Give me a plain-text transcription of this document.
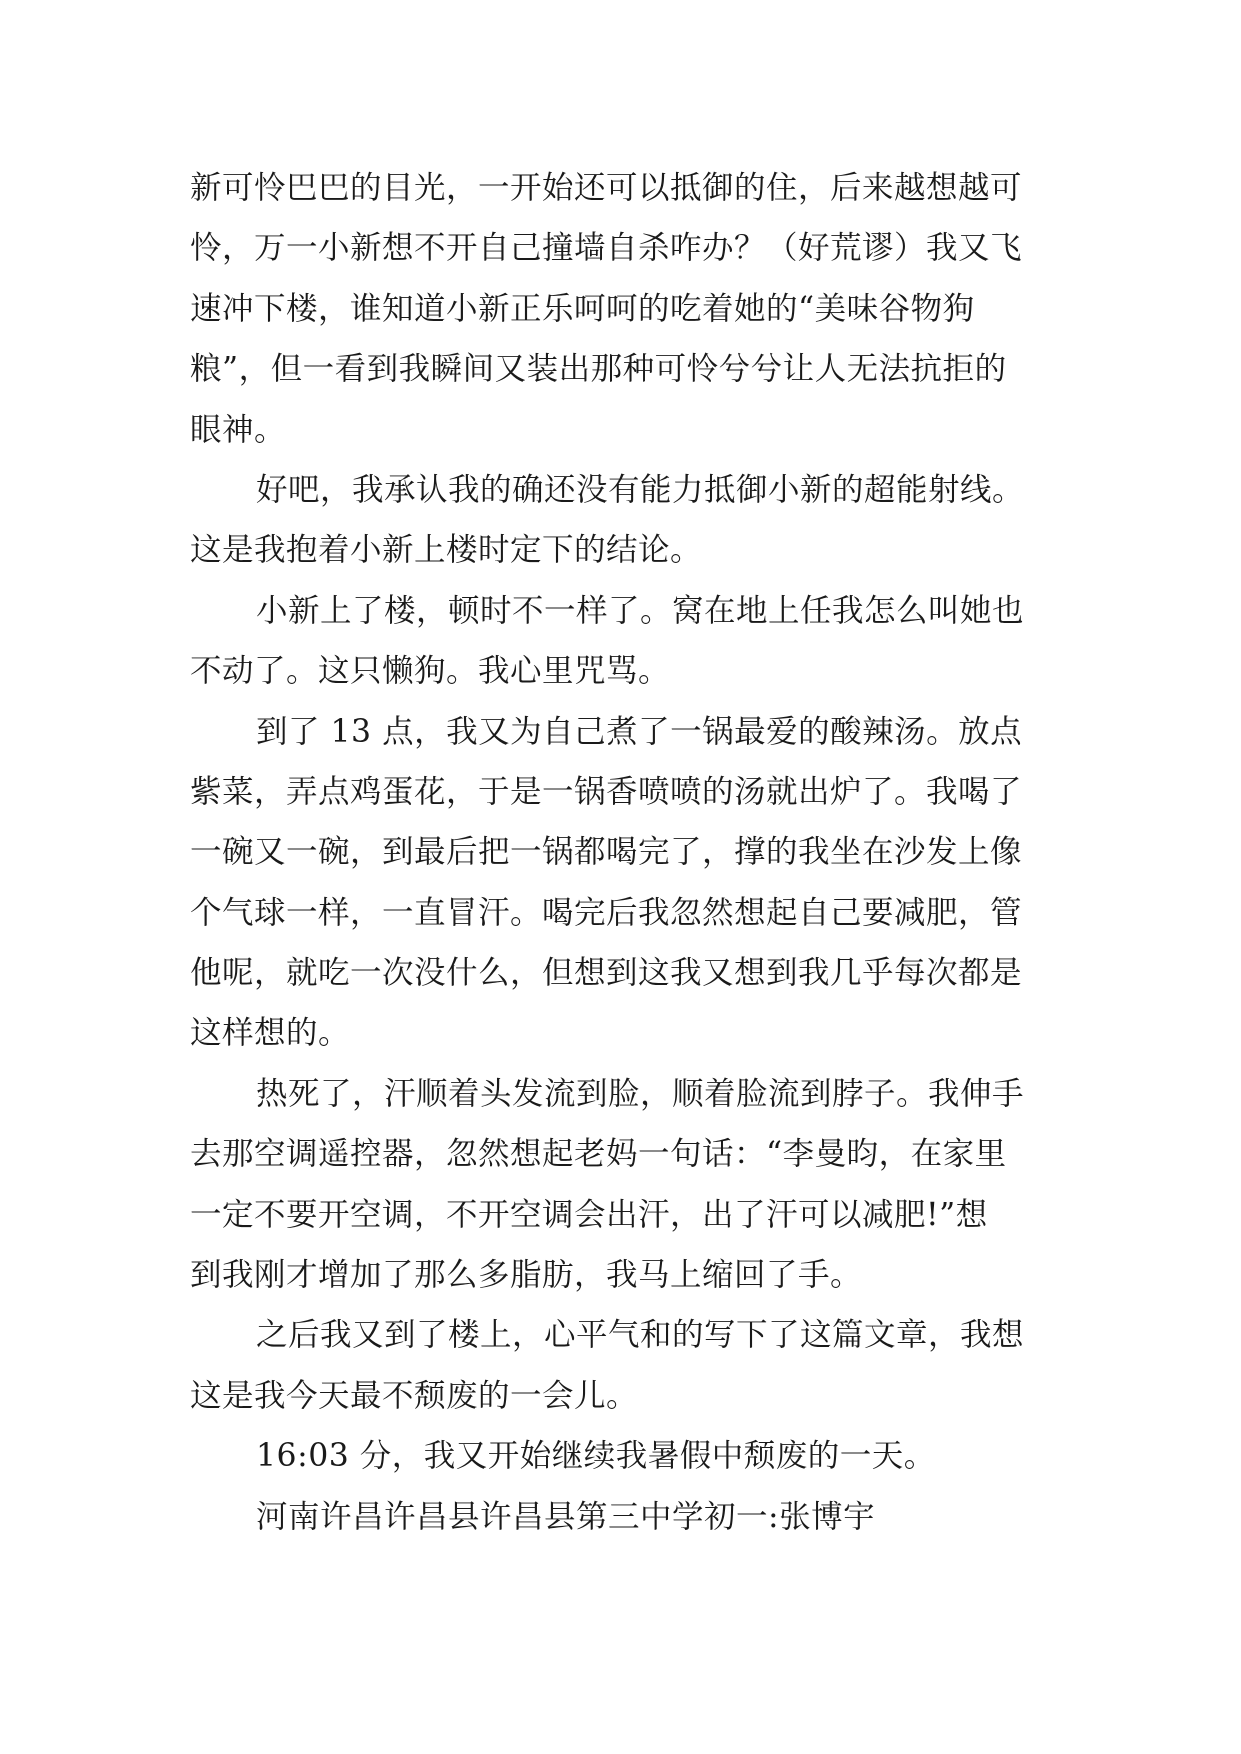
新可怜巴巴的目光，一开始还可以抵御的住，后来越想越可
怜，万一小新想不开自己撞墙自杀咋办？（好荒谬）我又飞
速冲下楼，谁知道小新正乐呵呵的吃着她的“美味谷物狗
粮”，但一看到我瞬间又装出那种可怜兮兮让人无法抗拒的
眼神。
好吧，我承认我的确还没有能力抵御小新的超能射线。
这是我抱着小新上楼时定下的结论。
小新上了楼，顿时不一样了。窝在地上任我怎么叫她也
不动了。这只懒狗。我心里咒骂。
到了 13 点，我又为自己煮了一锅最爱的酸辣汤。放点
紫菜，弄点鸡蛋花，于是一锅香喷喷的汤就出炉了。我喝了
一碗又一碗，到最后把一锅都喝完了，撑的我坐在沙发上像
个气球一样，一直冒汗。喝完后我忽然想起自己要减肥，管
他呢，就吃一次没什么，但想到这我又想到我几乎每次都是
这样想的。
热死了，汗顺着头发流到脸，顺着脸流到脖子。我伸手
去那空调遥控器，忽然想起老妈一句话：“李曼昀，在家里
一定不要开空调，不开空调会出汗，出了汗可以减肥!”想
到我刚才增加了那么多脂肪，我马上缩回了手。
之后我又到了楼上，心平气和的写下了这篇文章，我想
这是我今天最不颓废的一会儿。
16:03 分，我又开始继续我暑假中颓废的一天。
河南许昌许昌县许昌县第三中学初一:张博宇
